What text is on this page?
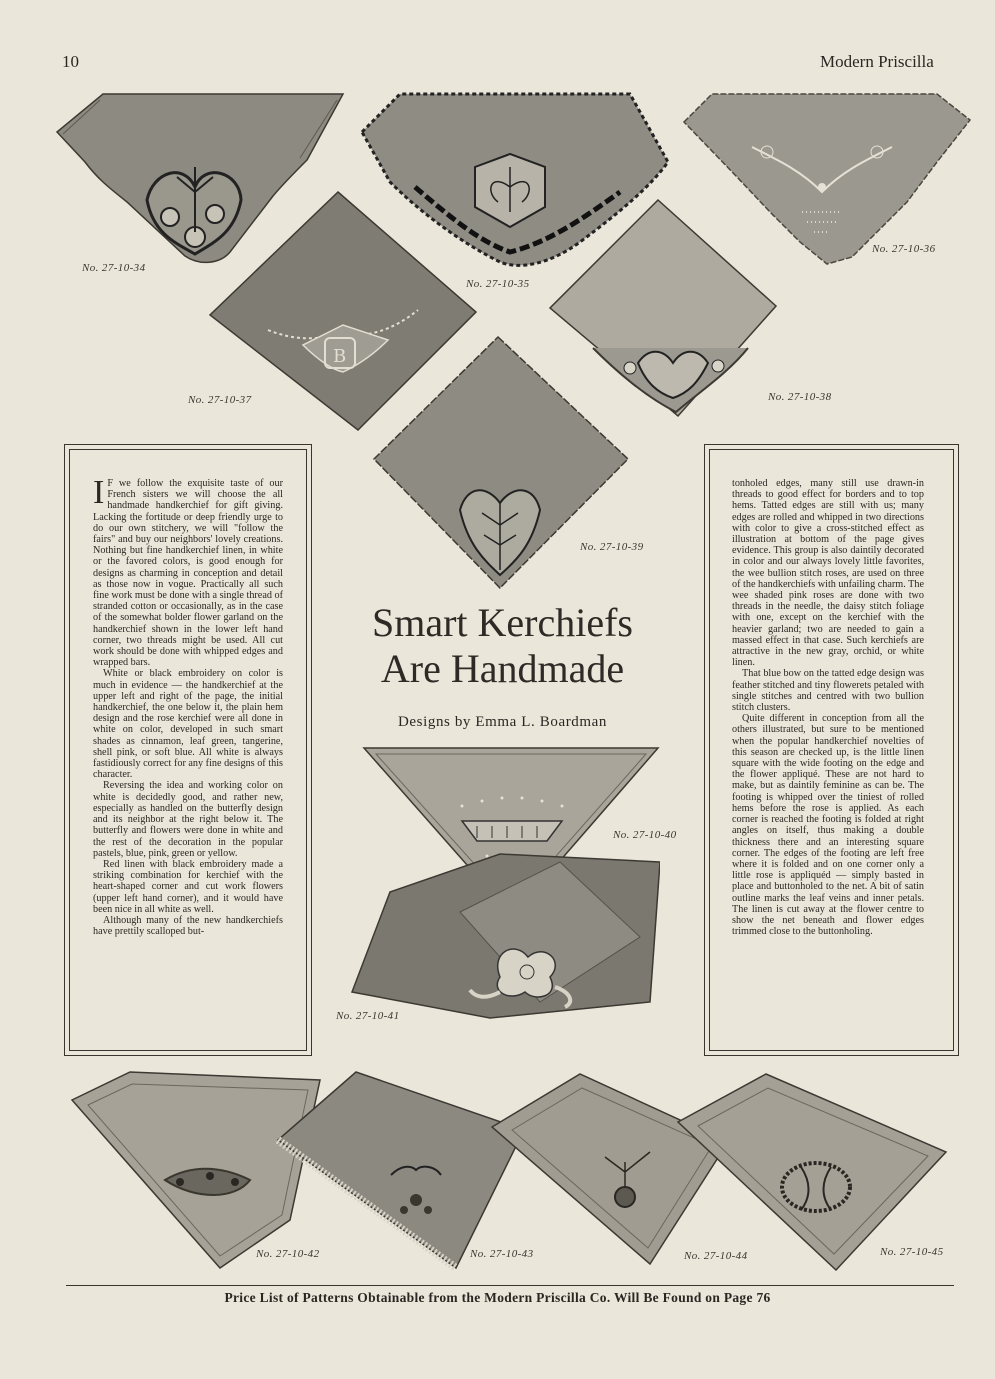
10	Modern Priscilla
No. 27-10-34
No. 27-10-35
No. 27-10-36
B
No. 27-10-37	No. 27-10-38
No. 27-10-39

I F we follow the exquisite taste of our French sisters we will choose the all handmade handkerchief for gift giving. Lacking the fortitude or deep friendly urge to do our own stitchery, we will "follow the fairs" and buy our neighbors' lovely creations. Nothing but fine handkerchief linen, in white or the favored colors, is good enough for designs as charming in conception and detail as those now in vogue. Practically all such fine work must be done with a single thread of stranded cotton or occasionally, as in the case of the somewhat bolder flower garland on the handkerchief shown in the lower left hand corner, two threads might be used. All cut work should be done with whipped edges and wrapped bars.

White or black embroidery on color is much in evidence — the handkerchief at the upper left and right of the page, the initial handkerchief, the one below it, the plain hem design and the rose kerchief were all done in white on color, developed in such smart shades as cinnamon, leaf green, tangerine, shell pink, or soft blue. All white is always fastidiously correct for any fine designs of this character.

Reversing the idea and working color on white is decidedly good, and rather new, especially as handled on the butterfly design and its neighbor at the right below it. The butterfly and flowers were done in white and the rest of the decoration in the popular pastels, blue, pink, green or yellow.

Red linen with black embroidery made a striking combination for kerchief with the heart-shaped corner and cut work flowers (upper left hand corner), and it would have been nice in all white as well.

Although many of the new handkerchiefs have prettily scalloped but-

tonholed edges, many still use drawn-in threads to good effect for borders and to top hems. Tatted edges are still with us; many edges are rolled and whipped in two directions with color to give a cross-stitched effect as illustration at bottom of the page gives evidence. This group is also daintily decorated in color and our always lovely little favorites, the wee bullion stitch roses, are used on three of the handkerchiefs with unfailing charm. The wee shaded pink roses are done with two threads in the needle, the daisy stitch foliage with one, except on the kerchief with the heavier garland; two are needed to gain a massed effect in that case. Such kerchiefs are attractive in the new gray, orchid, or white linen.

That blue bow on the tatted edge design was feather stitched and tiny flowerets petaled with single stitches and centred with two bullion stitch clusters.

Quite different in conception from all the others illustrated, but sure to be mentioned when the popular handkerchief novelties of this season are checked up, is the little linen square with the wide footing on the edge and the flower appliqué. These are not hard to make, but as daintily feminine as can be. The footing is whipped over the tiniest of rolled hems before the rose is applied. As each corner is reached the footing is folded at right angles on itself, thus making a double thickness there and an interesting square corner. The edges of the footing are left free where it is folded and on one corner only a little rose is appliquéd — simply basted in place and buttonholed to the net. A bit of satin outline marks the leaf veins and inner petals. The linen is cut away at the flower centre to show the net beneath and flower edges trimmed close to the buttonholing.

Smart Kerchiefs
Are Handmade
Designs by Emma L. Boardman
No. 27-10-40
No. 27-10-41
No. 27-10-42	No. 27-10-43	No. 27-10-44	No. 27-10-45
Price List of Patterns Obtainable from the Modern Priscilla Co. Will Be Found on Page 76
